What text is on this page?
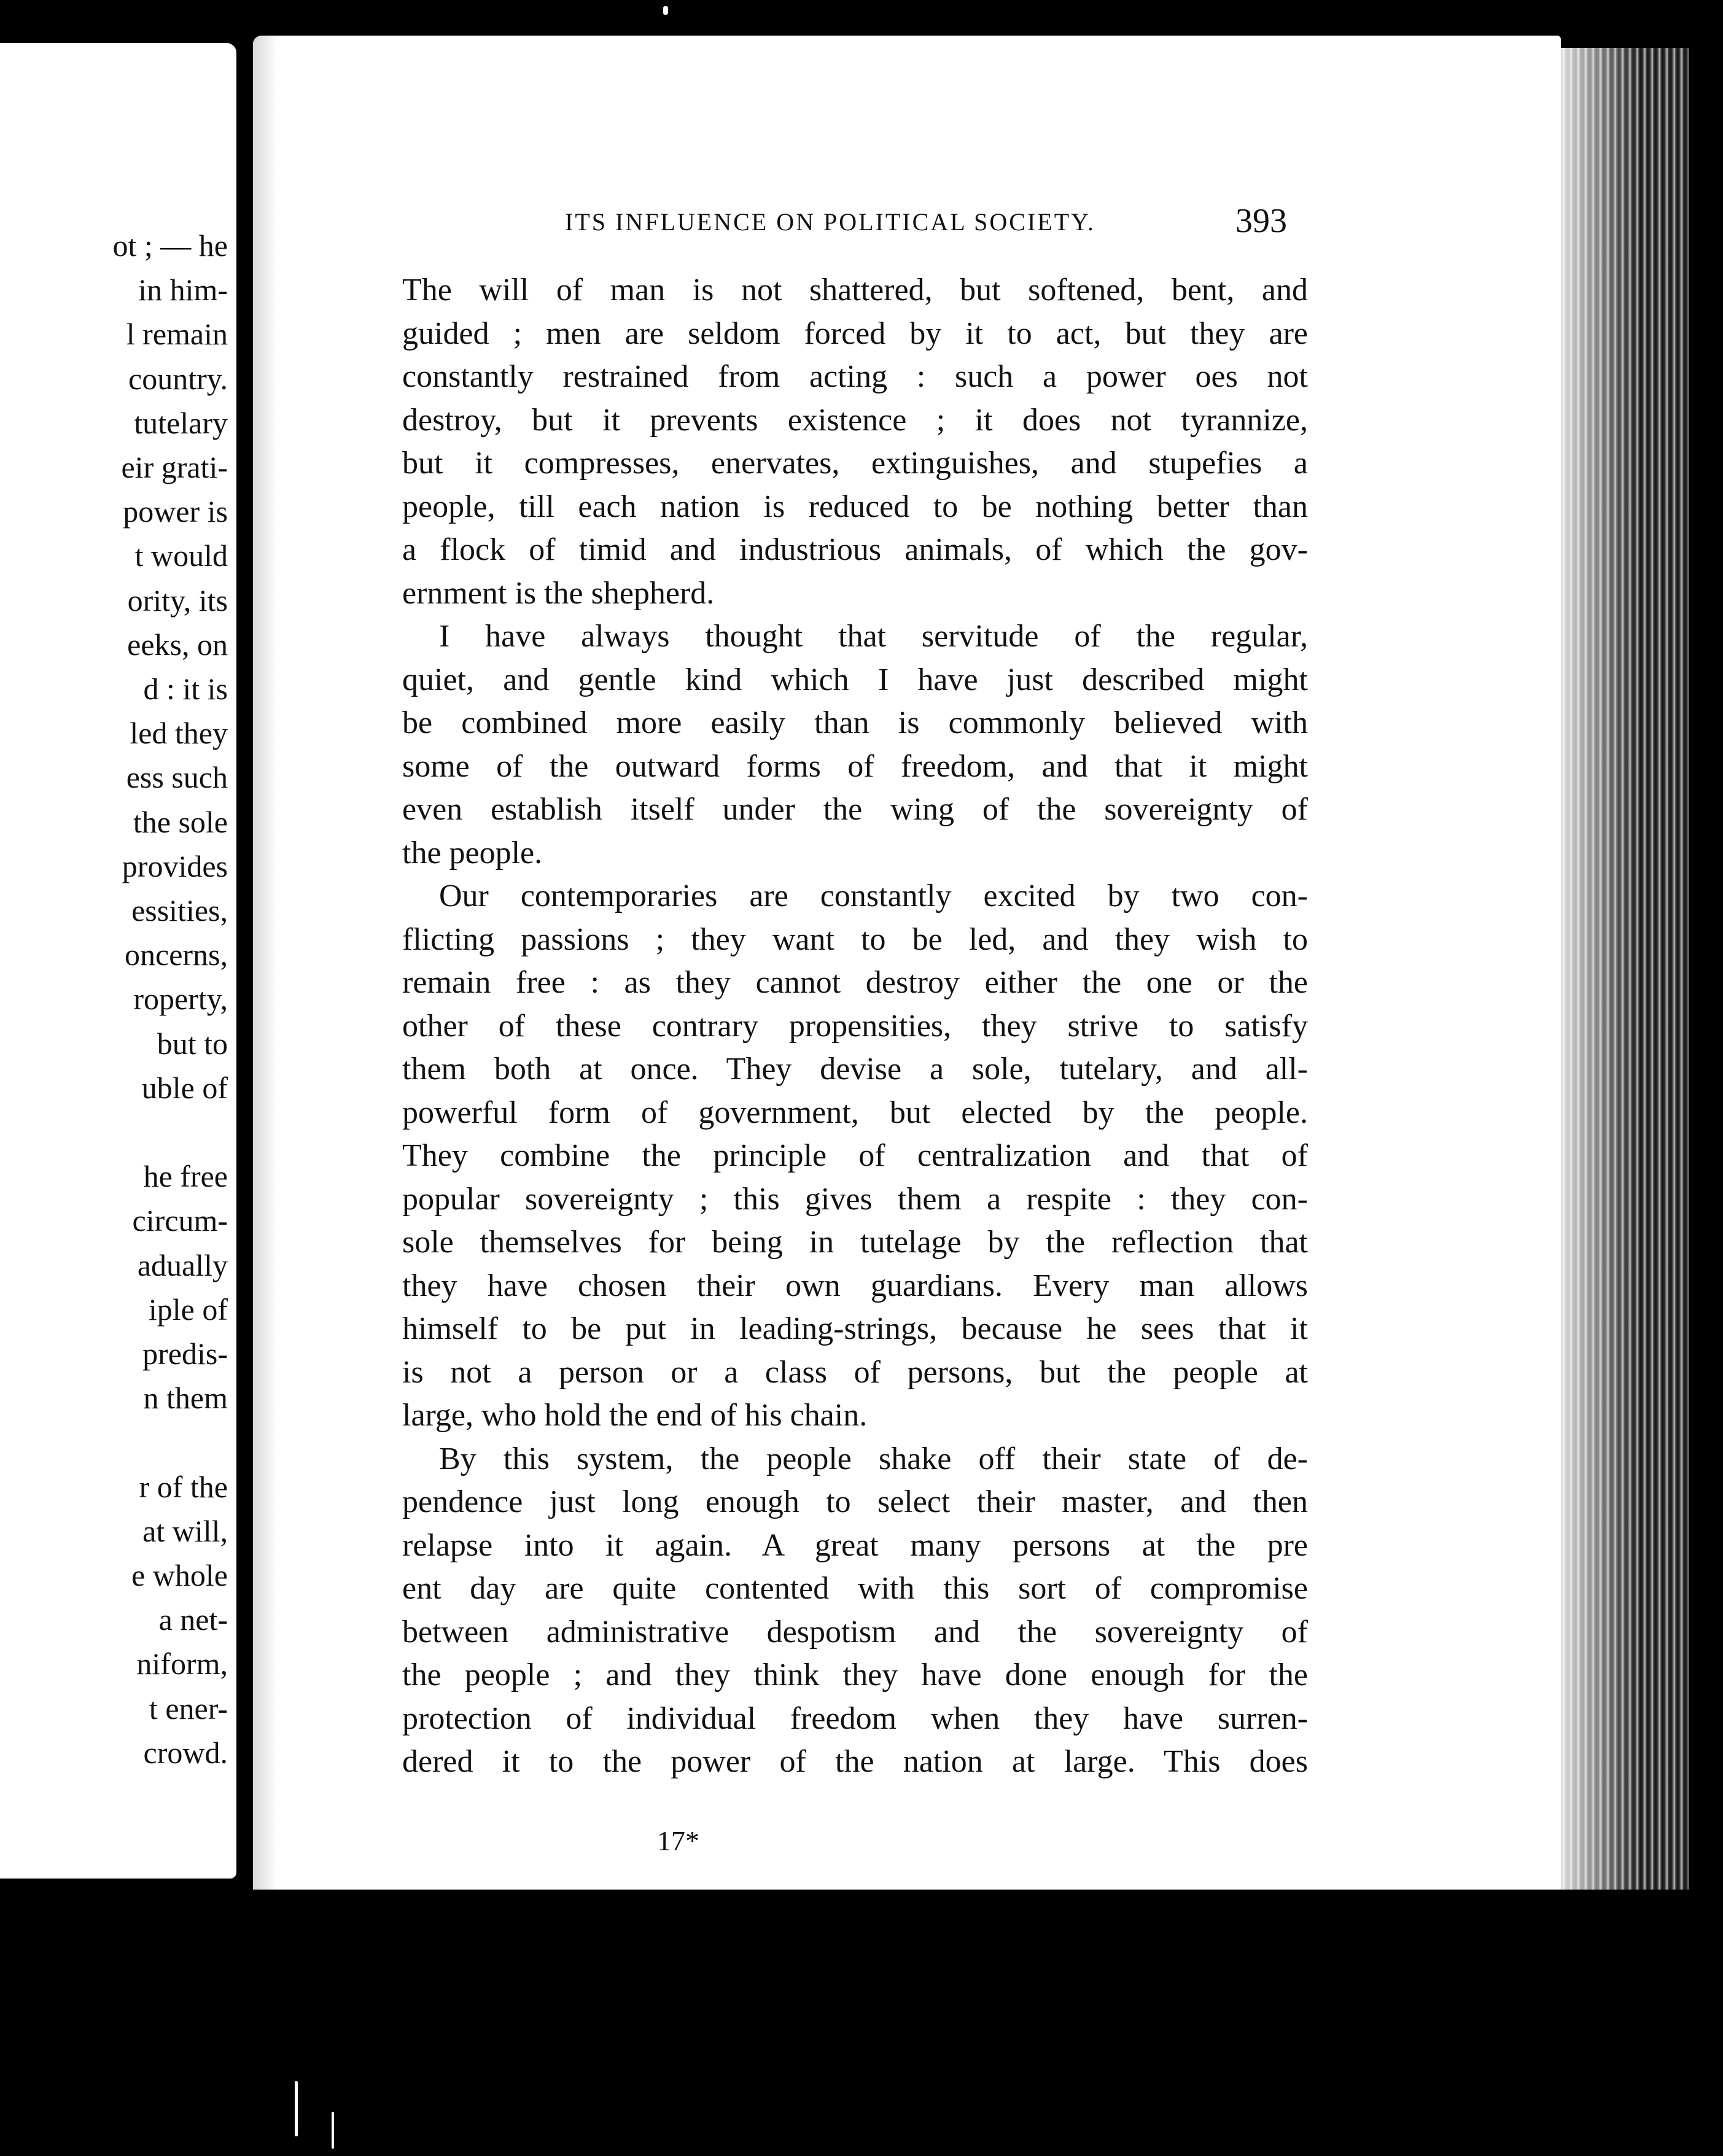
ot ; — he
in him-
l remain
country.
tutelary
eir grati-
power is
t would
ority, its
eeks, on
d : it is
led they
ess such
the sole
provides
essities,
oncerns,
roperty,
but to
uble of
he free
circum-
adually
iple of
predis-
n them
r of the
at will,
e whole
a net-
niform,
t ener-
crowd.
ITS INFLUENCE ON POLITICAL SOCIETY.	393
The will of man is not shattered, but softened, bent, and
guided ; men are seldom forced by it to act, but they are
constantly restrained from acting : such a power oes not
destroy, but it prevents existence ; it does not tyrannize,
but it compresses, enervates, extinguishes, and stupefies a
people, till each nation is reduced to be nothing better than
a flock of timid and industrious animals, of which the gov-
ernment is the shepherd.
I have always thought that servitude of the regular,
quiet, and gentle kind which I have just described might
be combined more easily than is commonly believed with
some of the outward forms of freedom, and that it might
even establish itself under the wing of the sovereignty of
the people.
Our contemporaries are constantly excited by two con-
flicting passions ; they want to be led, and they wish to
remain free : as they cannot destroy either the one or the
other of these contrary propensities, they strive to satisfy
them both at once. They devise a sole, tutelary, and all-
powerful form of government, but elected by the people.
They combine the principle of centralization and that of
popular sovereignty ; this gives them a respite : they con-
sole themselves for being in tutelage by the reflection that
they have chosen their own guardians. Every man allows
himself to be put in leading-strings, because he sees that it
is not a person or a class of persons, but the people at
large, who hold the end of his chain.
By this system, the people shake off their state of de-
pendence just long enough to select their master, and then
relapse into it again. A great many persons at the pre
ent day are quite contented with this sort of compromise
between administrative despotism and the sovereignty of
the people ; and they think they have done enough for the
protection of individual freedom when they have surren-
dered it to the power of the nation at large. This does
17*
